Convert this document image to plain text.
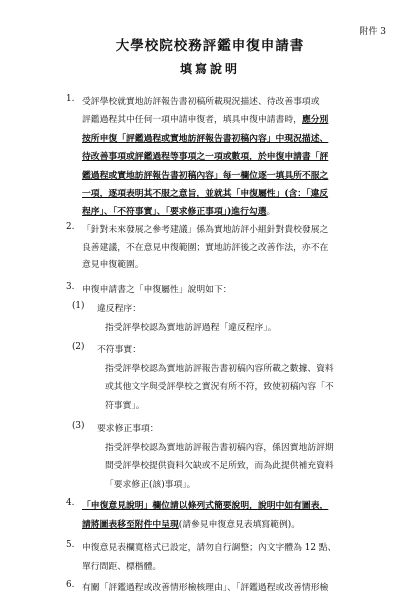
附件 3
大學校院校務評鑑申復申請書
填寫說明
1. 受評學校就實地訪評報告書初稿所載現況描述、待改善事項或
評鑑過程其中任何一項申請申復者，填具申復申請書時，應分別
按所申復「評鑑過程或實地訪評報告書初稿內容」中現況描述、
待改善事項或評鑑過程等事項之一項或數項，於申復申請書「評
鑑過程或實地訪評報告書初稿內容」每一欄位逐一填具所不服之
一項，逐項表明其不服之意旨，並就其「申復屬性」(含：「違反
程序」、「不符事實」、「要求修正事項」)進行勾選。
2. 「針對未來發展之參考建議」係為實地訪評小組針對貴校發展之
良善建議，不在意見申復範圍；實地訪評後之改善作法，亦不在
意見申復範圍。
3. 申復申請書之「申復屬性」說明如下：
(1) 違反程序：
指受評學校認為實地訪評過程「違反程序」。
(2) 不符事實：
指受評學校認為實地訪評報告書初稿內容所載之數據、資料
或其他文字與受評學校之實況有所不符，致使初稿內容「不
符事實」。
(3) 要求修正事項：
指受評學校認為實地訪評報告書初稿內容，係因實地訪評期
間受評學校提供資料欠缺或不足所致，而為此提供補充資料
「要求修正(該)事項」。
4. 「申復意見說明」欄位請以條列式簡要說明，說明中如有圖表，
請將圖表移至附件中呈現(請參見申復意見表填寫範例)。
5. 申復意見表欄寬格式已設定，請勿自行調整；內文字體為 12 點、
單行間距、標楷體。
6. 有關「評鑑過程或改善情形檢核理由」、「評鑑過程或改善情形檢
